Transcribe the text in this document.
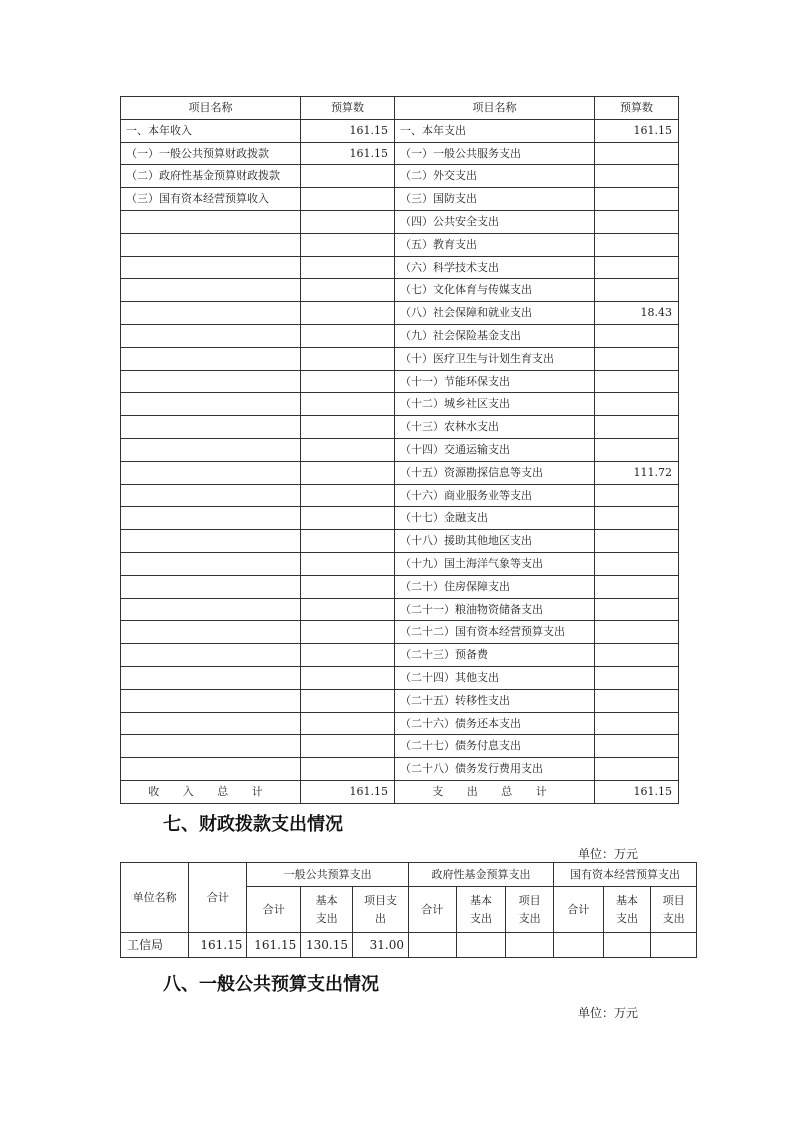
项目名称	预算数	项目名称	预算数
一、本年收入	161.15	一、本年支出	161.15
（一）一般公共预算财政拨款	161.15	（一）一般公共服务支出	
（二）政府性基金预算财政拨款		（二）外交支出	
（三）国有资本经营预算收入		（三）国防支出	
		（四）公共安全支出	
		（五）教育支出	
		（六）科学技术支出	
		（七）文化体育与传媒支出	
		（八）社会保障和就业支出	18.43
		（九）社会保险基金支出	
		（十）医疗卫生与计划生育支出	
		（十一）节能环保支出	
		（十二）城乡社区支出	
		（十三）农林水支出	
		（十四）交通运输支出	
		（十五）资源勘探信息等支出	111.72
		（十六）商业服务业等支出	
		（十七）金融支出	
		（十八）援助其他地区支出	
		（十九）国土海洋气象等支出	
		（二十）住房保障支出	
		（二十一）粮油物资储备支出	
		（二十二）国有资本经营预算支出	
		（二十三）预备费	
		（二十四）其他支出	
		（二十五）转移性支出	
		（二十六）债务还本支出	
		（二十七）债务付息支出	
		（二十八）债务发行费用支出	
收 入 总 计	161.15	支 出 总 计	161.15
七、财政拨款支出情况
单位：万元
单位名称	合计	一般公共预算支出			政府性基金预算支出			国有资本经营预算支出		
		合计	基本支出	项目支出	合计	基本支出	项目支出	合计	基本支出	项目支出
工信局	161.15	161.15	130.15	31.00						
八、一般公共预算支出情况
单位：万元
